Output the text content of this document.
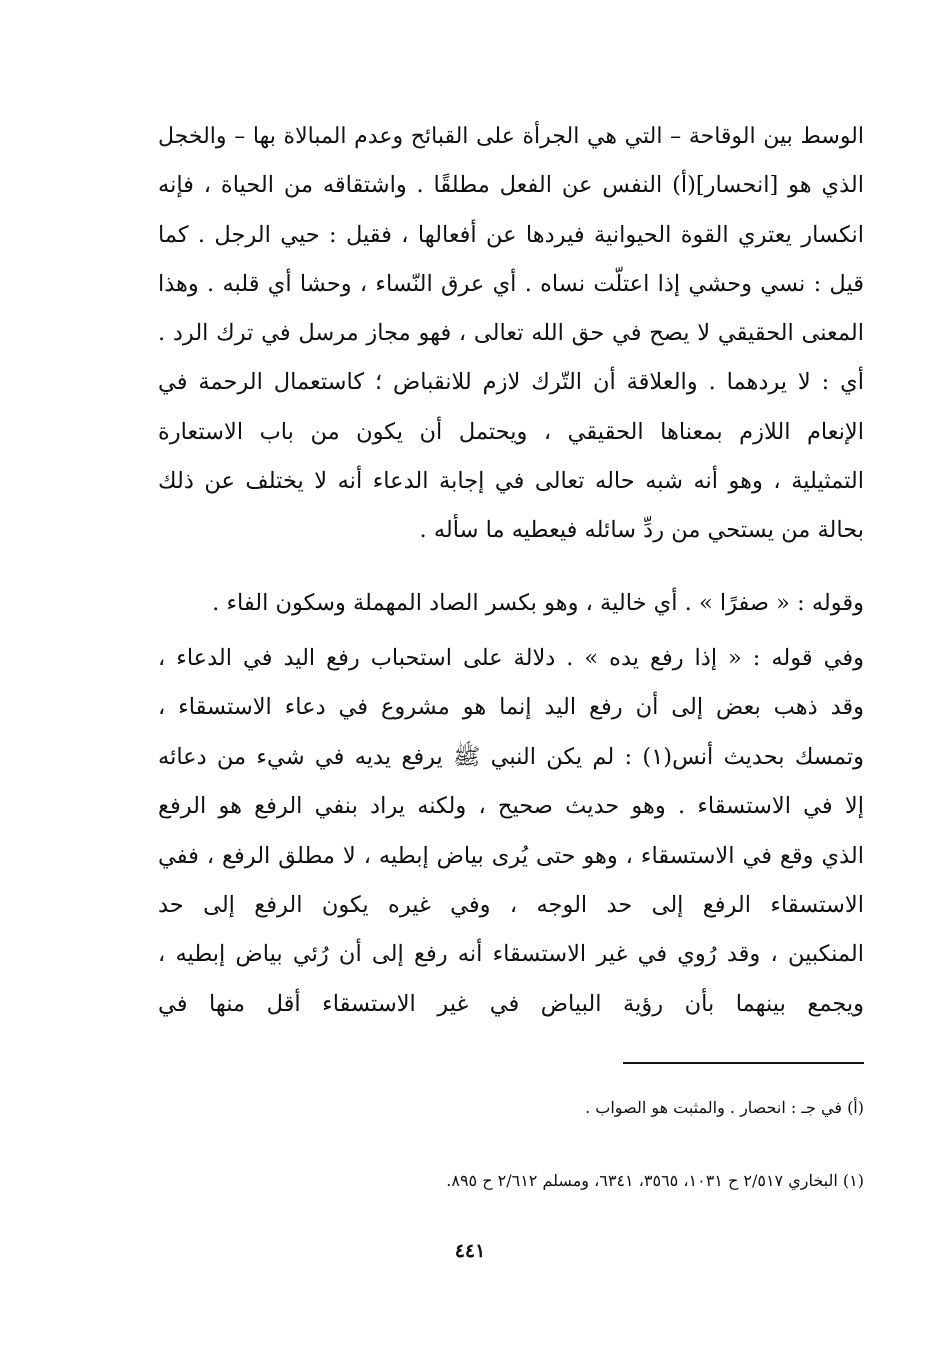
الوسط بين الوقاحة – التي هي الجرأة على القبائح وعدم المبالاة بها – والخجل
الذي هو [انحسار](أ) النفس عن الفعل مطلقًا . واشتقاقه من الحياة ، فإنه
انكسار يعتري القوة الحيوانية فيردها عن أفعالها ، فقيل : حيي الرجل . كما
قيل : نسي وحشي إذا اعتلّت نساه . أي عرق النّساء ، وحشا أي قلبه . وهذا
المعنى الحقيقي لا يصح في حق الله تعالى ، فهو مجاز مرسل في ترك الرد .
أي : لا يردهما . والعلاقة أن التّرك لازم للانقباض ؛ كاستعمال الرحمة في
الإنعام اللازم بمعناها الحقيقي ، ويحتمل أن يكون من باب الاستعارة
التمثيلية ، وهو أنه شبه حاله تعالى في إجابة الدعاء أنه لا يختلف عن ذلك
بحالة من يستحي من ردِّ سائله فيعطيه ما سأله .
وقوله : « صفرًا » . أي خالية ، وهو بكسر الصاد المهملة وسكون الفاء .
وفي قوله : « إذا رفع يده » . دلالة على استحباب رفع اليد في الدعاء ،
وقد ذهب بعض إلى أن رفع اليد إنما هو مشروع في دعاء الاستسقاء ،
وتمسك بحديث أنس(١) : لم يكن النبي ﷺ يرفع يديه في شيء من دعائه
إلا في الاستسقاء . وهو حديث صحيح ، ولكنه يراد بنفي الرفع هو الرفع
الذي وقع في الاستسقاء ، وهو حتى يُرى بياض إبطيه ، لا مطلق الرفع ، ففي
الاستسقاء الرفع إلى حد الوجه ، وفي غيره يكون الرفع إلى حد
المنكبين ، وقد رُوي في غير الاستسقاء أنه رفع إلى أن رُئي بياض إبطيه ،
ويجمع بينهما بأن رؤية البياض في غير الاستسقاء أقل منها في
(أ) في جـ : انحصار . والمثبت هو الصواب .
(١) البخاري ٢/٥١٧ ح ١٠٣١، ٣٥٦٥، ٦٣٤١، ومسلم ٢/٦١٢ ح ٨٩٥.
٤٤١
